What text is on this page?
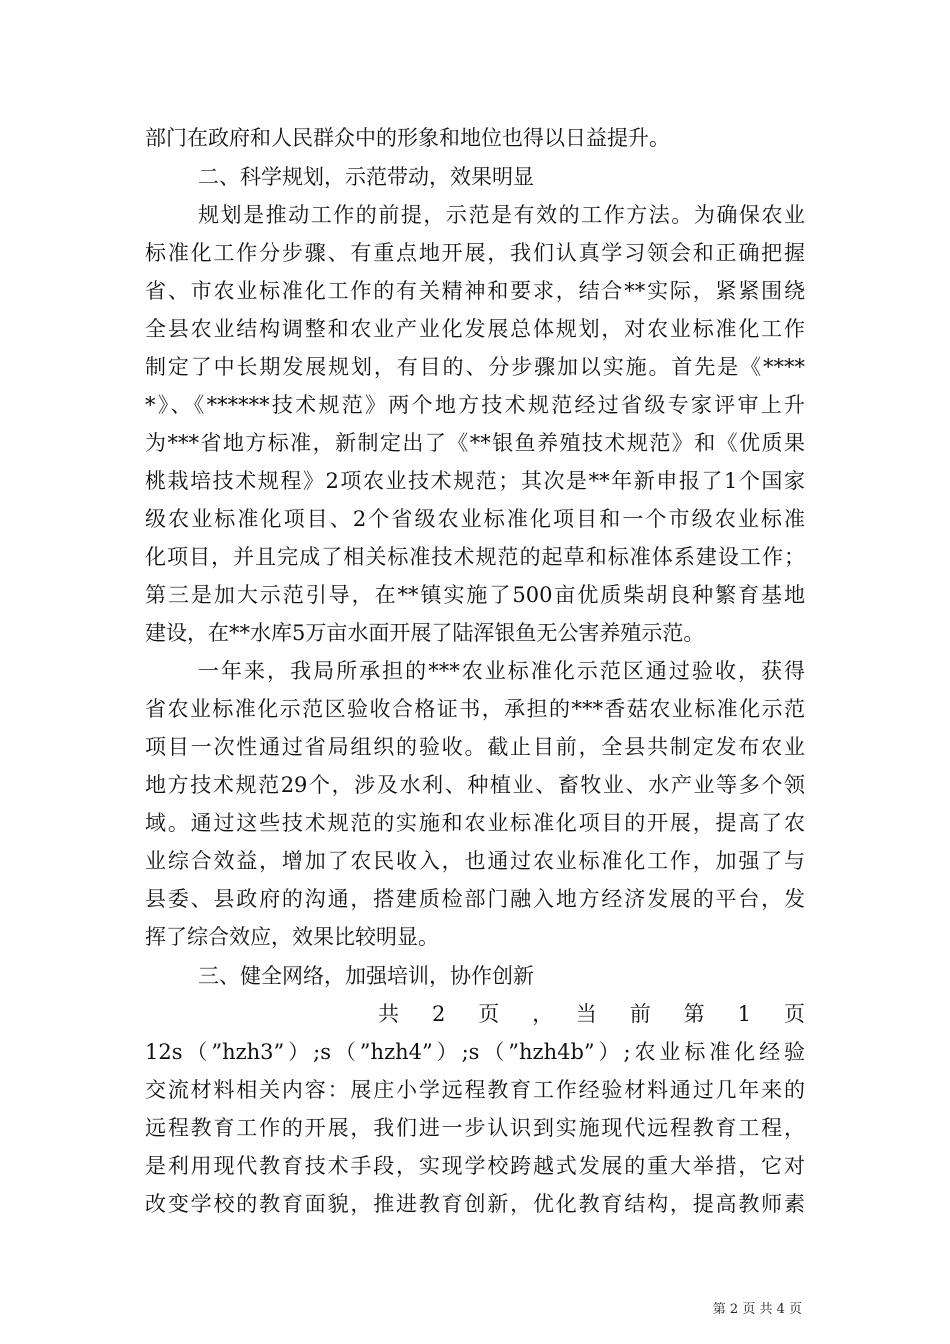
部门在政府和人民群众中的形象和地位也得以日益提升。
二、科学规划，示范带动，效果明显
规划是推动工作的前提，示范是有效的工作方法。为确保农业
标准化工作分步骤、有重点地开展，我们认真学习领会和正确把握
省、市农业标准化工作的有关精神和要求，结合**实际，紧紧围绕
全县农业结构调整和农业产业化发展总体规划，对农业标准化工作
制定了中长期发展规划，有目的、分步骤加以实施。首先是《****
*》、《******技术规范》两个地方技术规范经过省级专家评审上升
为***省地方标准，新制定出了《**银鱼养殖技术规范》和《优质果
桃栽培技术规程》2项农业技术规范；其次是**年新申报了1个国家
级农业标准化项目、2个省级农业标准化项目和一个市级农业标准
化项目，并且完成了相关标准技术规范的起草和标准体系建设工作；
第三是加大示范引导，在**镇实施了500亩优质柴胡良种繁育基地
建设，在**水库5万亩水面开展了陆浑银鱼无公害养殖示范。
一年来，我局所承担的***农业标准化示范区通过验收，获得
省农业标准化示范区验收合格证书，承担的***香菇农业标准化示范
项目一次性通过省局组织的验收。截止目前，全县共制定发布农业
地方技术规范29个，涉及水利、种植业、畜牧业、水产业等多个领
域。通过这些技术规范的实施和农业标准化项目的开展，提高了农
业综合效益，增加了农民收入，也通过农业标准化工作，加强了与
县委、县政府的沟通，搭建质检部门融入地方经济发展的平台，发
挥了综合效应，效果比较明显。
三、健全网络，加强培训，协作创新
共　2　页　，　当　前　第　1　页
12s（”hzh3”）;s（”hzh4”）;s（”hzh4b”）;农业标准化经验
交流材料相关内容：展庄小学远程教育工作经验材料通过几年来的
远程教育工作的开展，我们进一步认识到实施现代远程教育工程，
是利用现代教育技术手段，实现学校跨越式发展的重大举措，它对
改变学校的教育面貌，推进教育创新，优化教育结构，提高教师素
第 2 页 共 4 页
